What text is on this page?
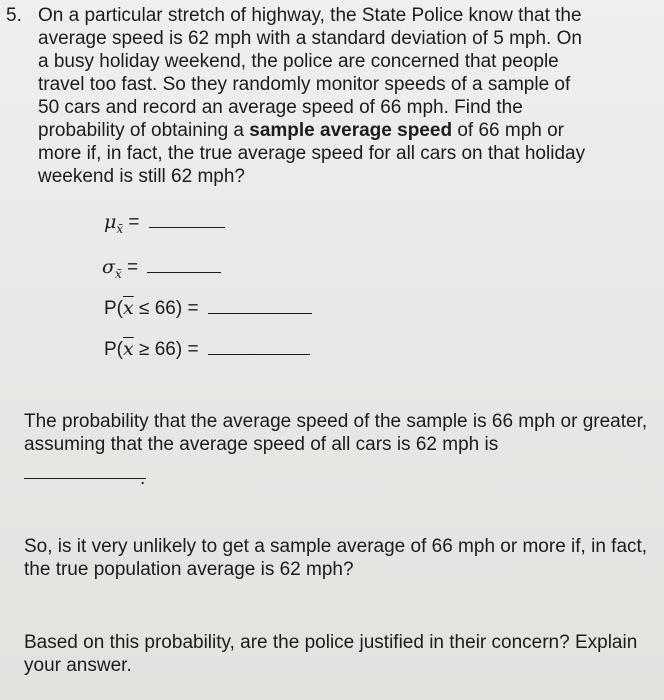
5. On a particular stretch of highway, the State Police know that the
average speed is 62 mph with a standard deviation of 5 mph. On
a busy holiday weekend, the police are concerned that people
travel too fast. So they randomly monitor speeds of a sample of
50 cars and record an average speed of 66 mph. Find the
probability of obtaining a sample average speed of 66 mph or
more if, in fact, the true average speed for all cars on that holiday
weekend is still 62 mph?
$\mu_{x̄}$ =
$\sigma_{x̄}$ =
$P(\overline{x} \le 66)$ =
$P(\overline{x} \ge 66)$ =
The probability that the average speed of the sample is 66 mph or greater, assuming that the average speed of all cars is 62 mph is
.
So, is it very unlikely to get a sample average of 66 mph or more if, in fact, the true population average is 62 mph?
Based on this probability, are the police justified in their concern? Explain your answer.
